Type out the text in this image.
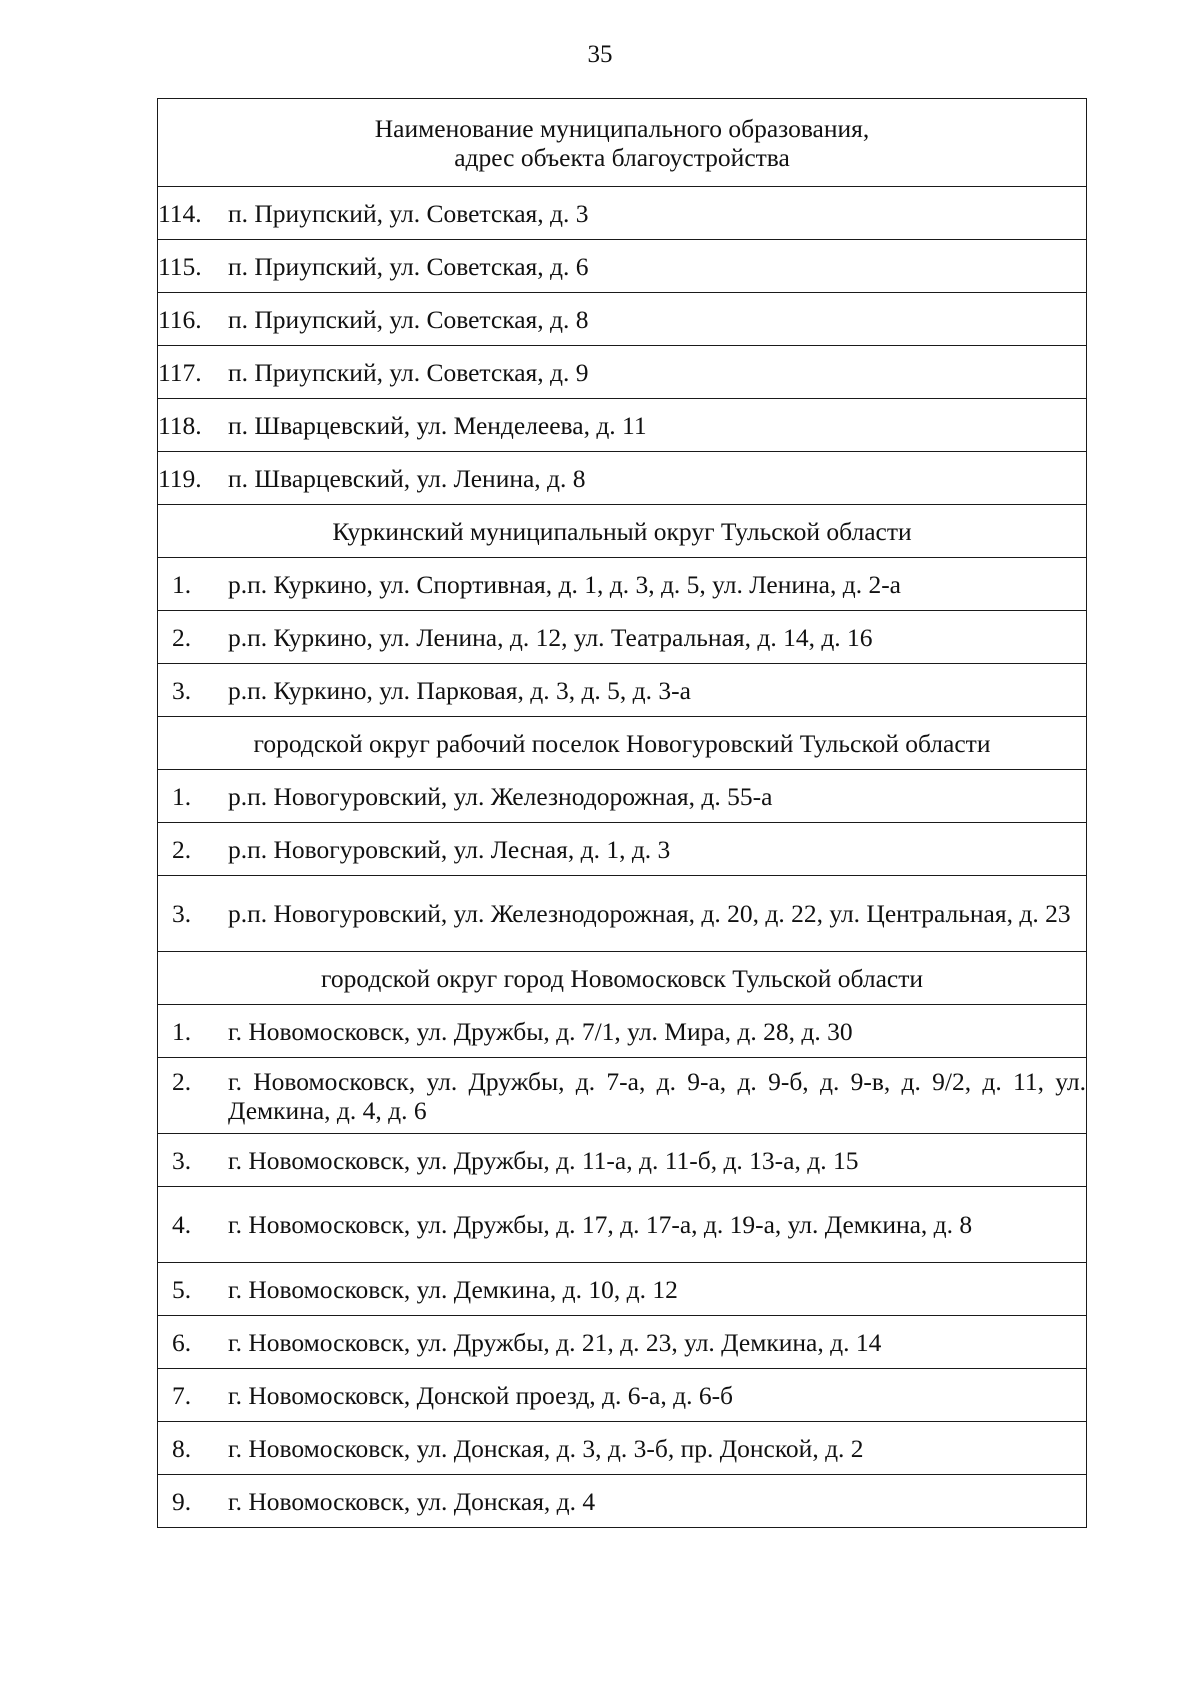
35
Наименование муниципального образования,
адрес объекта благоустройства

114.	п. Приупский, ул. Советская, д. 3

115.	п. Приупский, ул. Советская, д. 6

116.	п. Приупский, ул. Советская, д. 8

117.	п. Приупский, ул. Советская, д. 9

118.	п. Шварцевский, ул. Менделеева, д. 11

119.	п. Шварцевский, ул. Ленина, д. 8

Куркинский муниципальный округ Тульской области

1.	р.п. Куркино, ул. Спортивная, д. 1, д. 3, д. 5, ул. Ленина, д. 2-а

2.	р.п. Куркино, ул. Ленина, д. 12, ул. Театральная, д. 14, д. 16

3.	р.п. Куркино, ул. Парковая, д. 3, д. 5, д. 3-а

городской округ рабочий поселок Новогуровский Тульской области

1.	р.п. Новогуровский, ул. Железнодорожная, д. 55-а

2.	р.п. Новогуровский, ул. Лесная, д. 1, д. 3

3.	р.п. Новогуровский, ул. Железнодорожная, д. 20, д. 22, ул. Центральная, д. 23

городской округ город Новомосковск Тульской области

1.	г. Новомосковск, ул. Дружбы, д. 7/1, ул. Мира, д. 28, д. 30

2.	г. Новомосковск, ул. Дружбы, д. 7-а, д. 9-а, д. 9-б, д. 9-в, д. 9/2, д. 11, ул. Демкина, д. 4, д. 6

3.	г. Новомосковск, ул. Дружбы, д. 11-а, д. 11-б, д. 13-а, д. 15

4.	г. Новомосковск, ул. Дружбы, д. 17, д. 17-а, д. 19-а, ул. Демкина, д. 8

5.	г. Новомосковск, ул. Демкина, д. 10, д. 12

6.	г. Новомосковск, ул. Дружбы, д. 21, д. 23, ул. Демкина, д. 14

7.	г. Новомосковск, Донской проезд, д. 6-а, д. 6-б

8.	г. Новомосковск, ул. Донская, д. 3, д. 3-б, пр. Донской, д. 2

9.	г. Новомосковск, ул. Донская, д. 4
